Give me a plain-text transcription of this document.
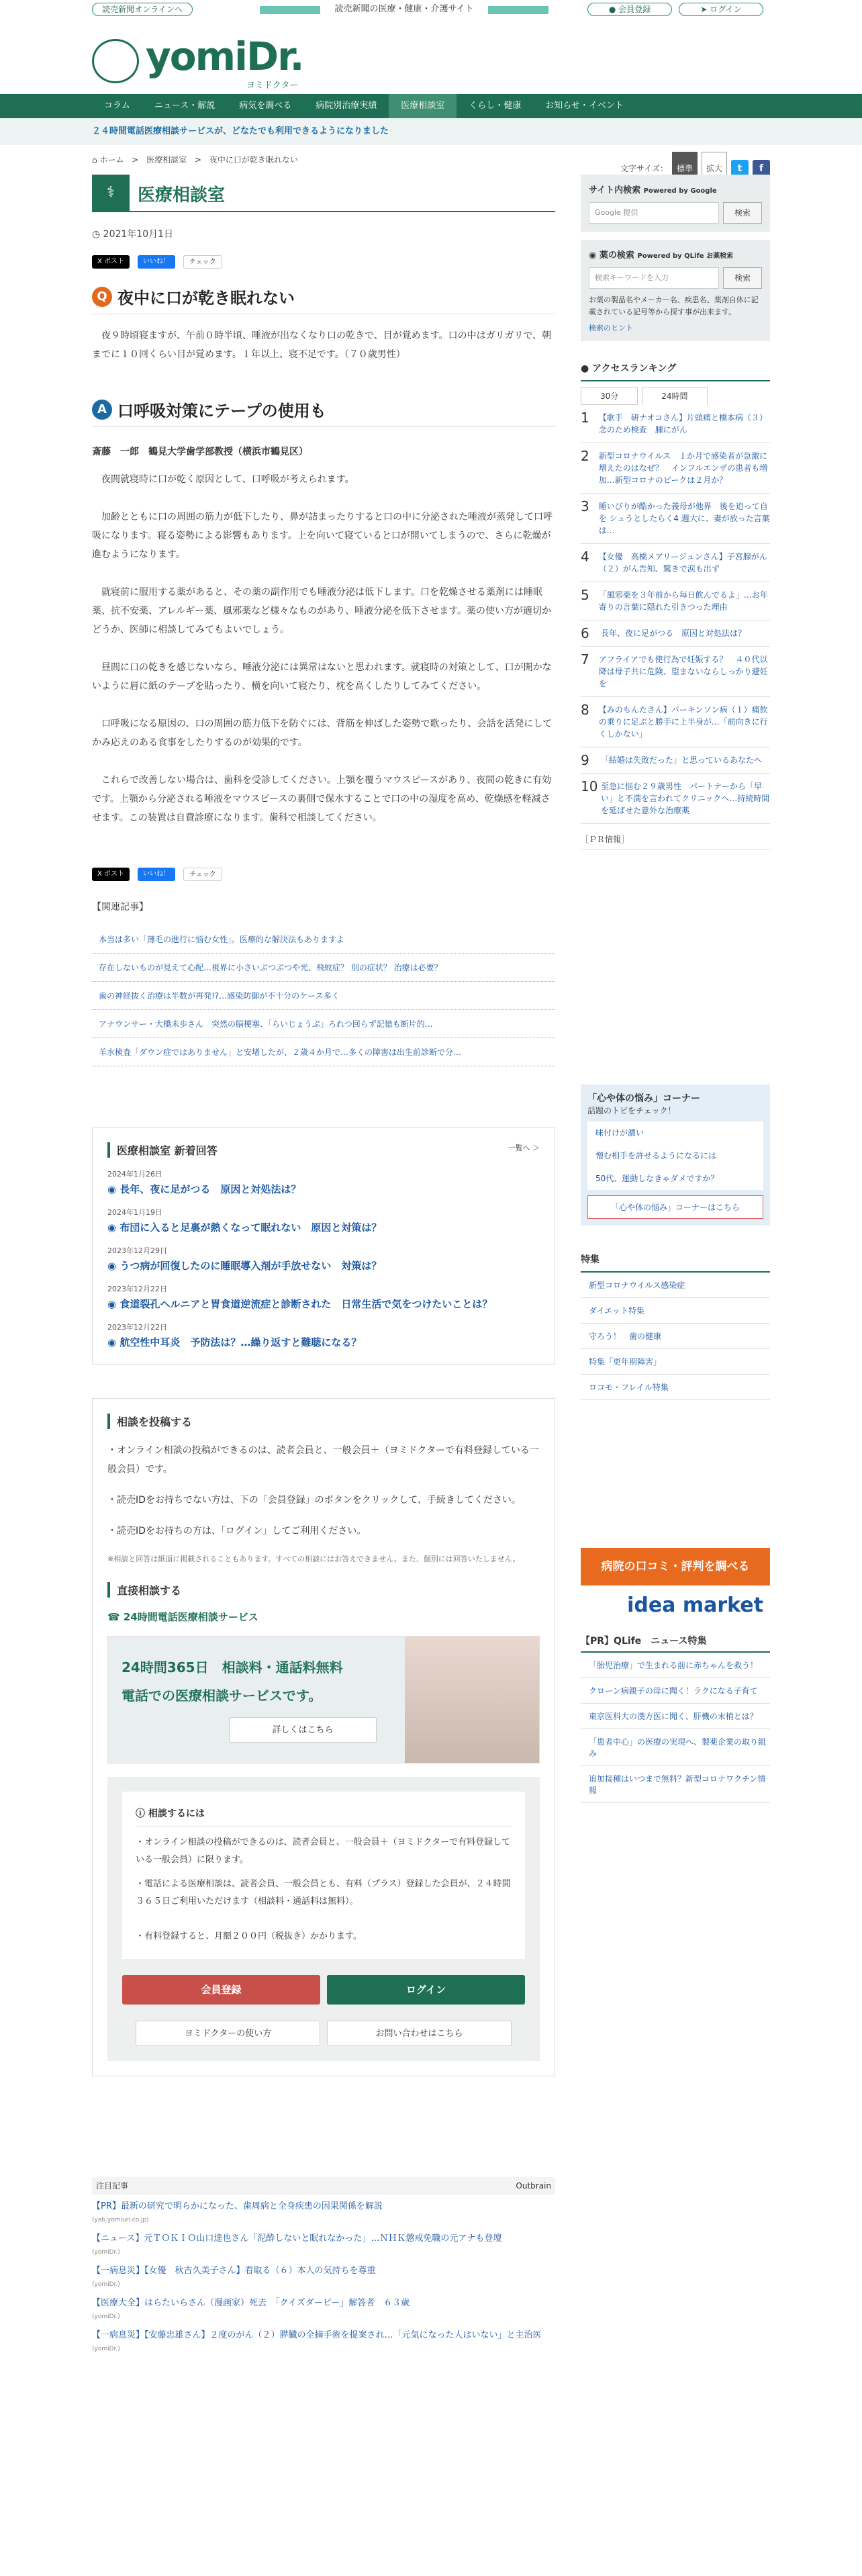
読売新聞オンラインへ	読売新聞の医療・健康・介護サイト	● 会員登録	➤ ログイン
yomiDr.
ヨミドクター
コラム	ニュース・解説	病気を調べる	病院別治療実績	医療相談室	くらし・健康	お知らせ・イベント

２４時間電話医療相談サービスが、どなたでも利用できるようになりました

⌂ ホーム > 医療相談室 > 夜中に口が乾き眠れない
文字サイズ：	標準	拡大	t	f
⚕	医療相談室
◷ 2021年10月1日
X ポスト	いいね！	チェック
Q 夜中に口が乾き眠れない

夜９時頃寝ますが、午前０時半頃、唾液が出なくなり口の乾きで、目が覚めます。口の中はガリガリで、朝までに１０回くらい目が覚めます。１年以上、寝不足です。（７０歳男性）

A 口呼吸対策にテープの使用も

斎藤　一郎　鶴見大学歯学部教授（横浜市鶴見区）

夜間就寝時に口が乾く原因として、口呼吸が考えられます。

加齢とともに口の周囲の筋力が低下したり、鼻が詰まったりすると口の中に分泌された唾液が蒸発して口呼吸になります。寝る姿勢による影響もあります。上を向いて寝ていると口が開いてしまうので、さらに乾燥が進むようになります。

就寝前に服用する薬があると、その薬の副作用でも唾液分泌は低下します。口を乾燥させる薬剤には睡眠薬、抗不安薬、アレルギー薬、風邪薬など様々なものがあり、唾液分泌を低下させます。薬の使い方が適切かどうか、医師に相談してみてもよいでしょう。

昼間に口の乾きを感じないなら、唾液分泌には異常はないと思われます。就寝時の対策として、口が開かないように唇に紙のテープを貼ったり、横を向いて寝たり、枕を高くしたりしてみてください。

口呼吸になる原因の、口の周囲の筋力低下を防ぐには、背筋を伸ばした姿勢で歌ったり、会話を活発にしてかみ応えのある食事をしたりするのが効果的です。

これらで改善しない場合は、歯科を受診してください。上顎を覆うマウスピースがあり、夜間の乾きに有効です。上顎から分泌される唾液をマウスピースの裏側で保水することで口の中の湿度を高め、乾燥感を軽減させます。この装置は自費診療になります。歯科で相談してください。

X ポスト	いいね！	チェック

【関連記事】

本当は多い「薄毛の進行に悩む女性」。医療的な解決法もありますよ
存在しないものが見えて心配…視界に小さいぶつぶつや光、飛蚊症？ 別の症状？ 治療は必要？
歯の神経抜く治療は半数が再発!?…感染防御が不十分のケース多く
アナウンサー・大橋未歩さん　突然の脳梗塞、「らいじょうぶ」ろれつ回らず記憶も断片的…
羊水検査「ダウン症ではありません」と安堵したが、２歳４か月で…多くの障害は出生前診断で分…
医療相談室 新着回答	一覧へ ＞
2024年1月26日
◉ 長年、夜に足がつる　原因と対処法は？
2024年1月19日
◉ 布団に入ると足裏が熱くなって眠れない　原因と対策は？
2023年12月29日
◉ うつ病が回復したのに睡眠導入剤が手放せない　対策は？
2023年12月22日
◉ 食道裂孔ヘルニアと胃食道逆流症と診断された　日常生活で気をつけたいことは？
2023年12月22日
◉ 航空性中耳炎　予防法は？…繰り返すと難聴になる？
相談を投稿する

・オンライン相談の投稿ができるのは、読者会員と、一般会員＋（ヨミドクターで有料登録している一般会員）です。

・読売IDをお持ちでない方は、下の「会員登録」のボタンをクリックして、手続きしてください。

・読売IDをお持ちの方は、「ログイン」してご利用ください。

※相談と回答は紙面に掲載されることもあります。すべての相談にはお答えできません。また、個別には回答いたしません。

直接相談する

☎ 24時間電話医療相談サービス

24時間365日　 相談料・通話料無料
電話での医療相談サービスです。
詳しくはこちら

ⓘ 相談するには

・オンライン相談の投稿ができるのは、読者会員と、一般会員＋（ヨミドクターで有料登録している一般会員）に限ります。

・電話による医療相談は、読者会員、一般会員とも、有料（プラス）登録した会員が、２４時間３６５日ご利用いただけます（相談料・通話料は無料）。

・有料登録すると、月額２００円（税抜き）かかります。

会員登録	ログイン
ヨミドクターの使い方	お問い合わせはこちら
注目記事	Outbrain
【PR】最新の研究で明らかになった、歯周病と全身疾患の因果関係を解説
(yab.yomiuri.co.jp)
【ニュース】元ＴＯＫＩＯ山口達也さん「泥酔しないと眠れなかった」…ＮＨＫ懲戒免職の元アナも登壇
(yomiDr.)
【一病息災】【女優　秋吉久美子さん】看取る（６）本人の気持ちを尊重
(yomiDr.)
【医療大全】はらたいらさん（漫画家）死去　「クイズダービー」解答者　６３歳
(yomiDr.)
【一病息災】【安藤忠雄さん】２度のがん（２）膵臓の全摘手術を提案され…「元気になった人はいない」と主治医
(yomiDr.)
サイト内検索 Powered by Google
Google 提供	検索
◉ 薬の検索 Powered by QLife お薬検索
検索キーワードを入力	検索

お薬の製品名やメーカー名、疾患名、薬剤自体に記載されている記号等から探す事が出来ます。

検索のヒント

● アクセスランキング
30分	24時間
1 【歌手　研ナオコさん】片頭痛と橋本病（３）念のため検査　腫にがん
2 新型コロナウイルス　１か月で感染者が急激に増えたのはなぜ？　インフルエンザの患者も増加…新型コロナのピークは２月か？
3 睡いびりが酷かった義母が他界　後を追って自を シュうとしたらく4 週大に、妻が放った言葉は…
4 【女優　高橋メアリージュンさん】子宮腺がん（２）がん告知、驚きで涙も出ず
5 「風邪薬を３年前から毎日飲んでるよ」…お年寄りの言葉に隠れた引きつった理由
6 長年、夜に足がつる　原因と対処法は？
7 アフライアでも使行為で妊娠する？　４０代以降は母子共に危険、望まないならしっかり避妊を
8 【みのもんたさん】パーキンソン病（１）痛飲の乗りに足ぶと勝手に上半身が…「前向きに行くしかない」
9 「結婚は失敗だった」と思っているあなたへ
10 至急に悩む２９歳男性　パートナーから「早い」と不満を言われてクリニックへ…持続時間を延ばせた意外な治療薬

［ＰＲ情報］

「心や体の悩み」コーナー

話題のトピをチェック！

味付けが濃い
憎む相手を許せるようになるには
50代、運動しなきゃダメですか？

「心や体の悩み」コーナーはこちら

特集

新型コロナウイルス感染症
ダイエット特集
守ろう！　歯の健康
特集「更年期障害」
ロコモ・フレイル特集
病院の口コミ・評判を調べる
idea market

【PR】QLife　ニュース特集

「胎児治療」で生まれる前に赤ちゃんを救う！
クローン病親子の母に聞く！ラクになる子育て
東京医科大の漢方医に聞く、肝機の末梢とは？
「患者中心」の医療の実現へ、製薬企業の取り組み
追加接種はいつまで無料？新型コロナワクチン情報
